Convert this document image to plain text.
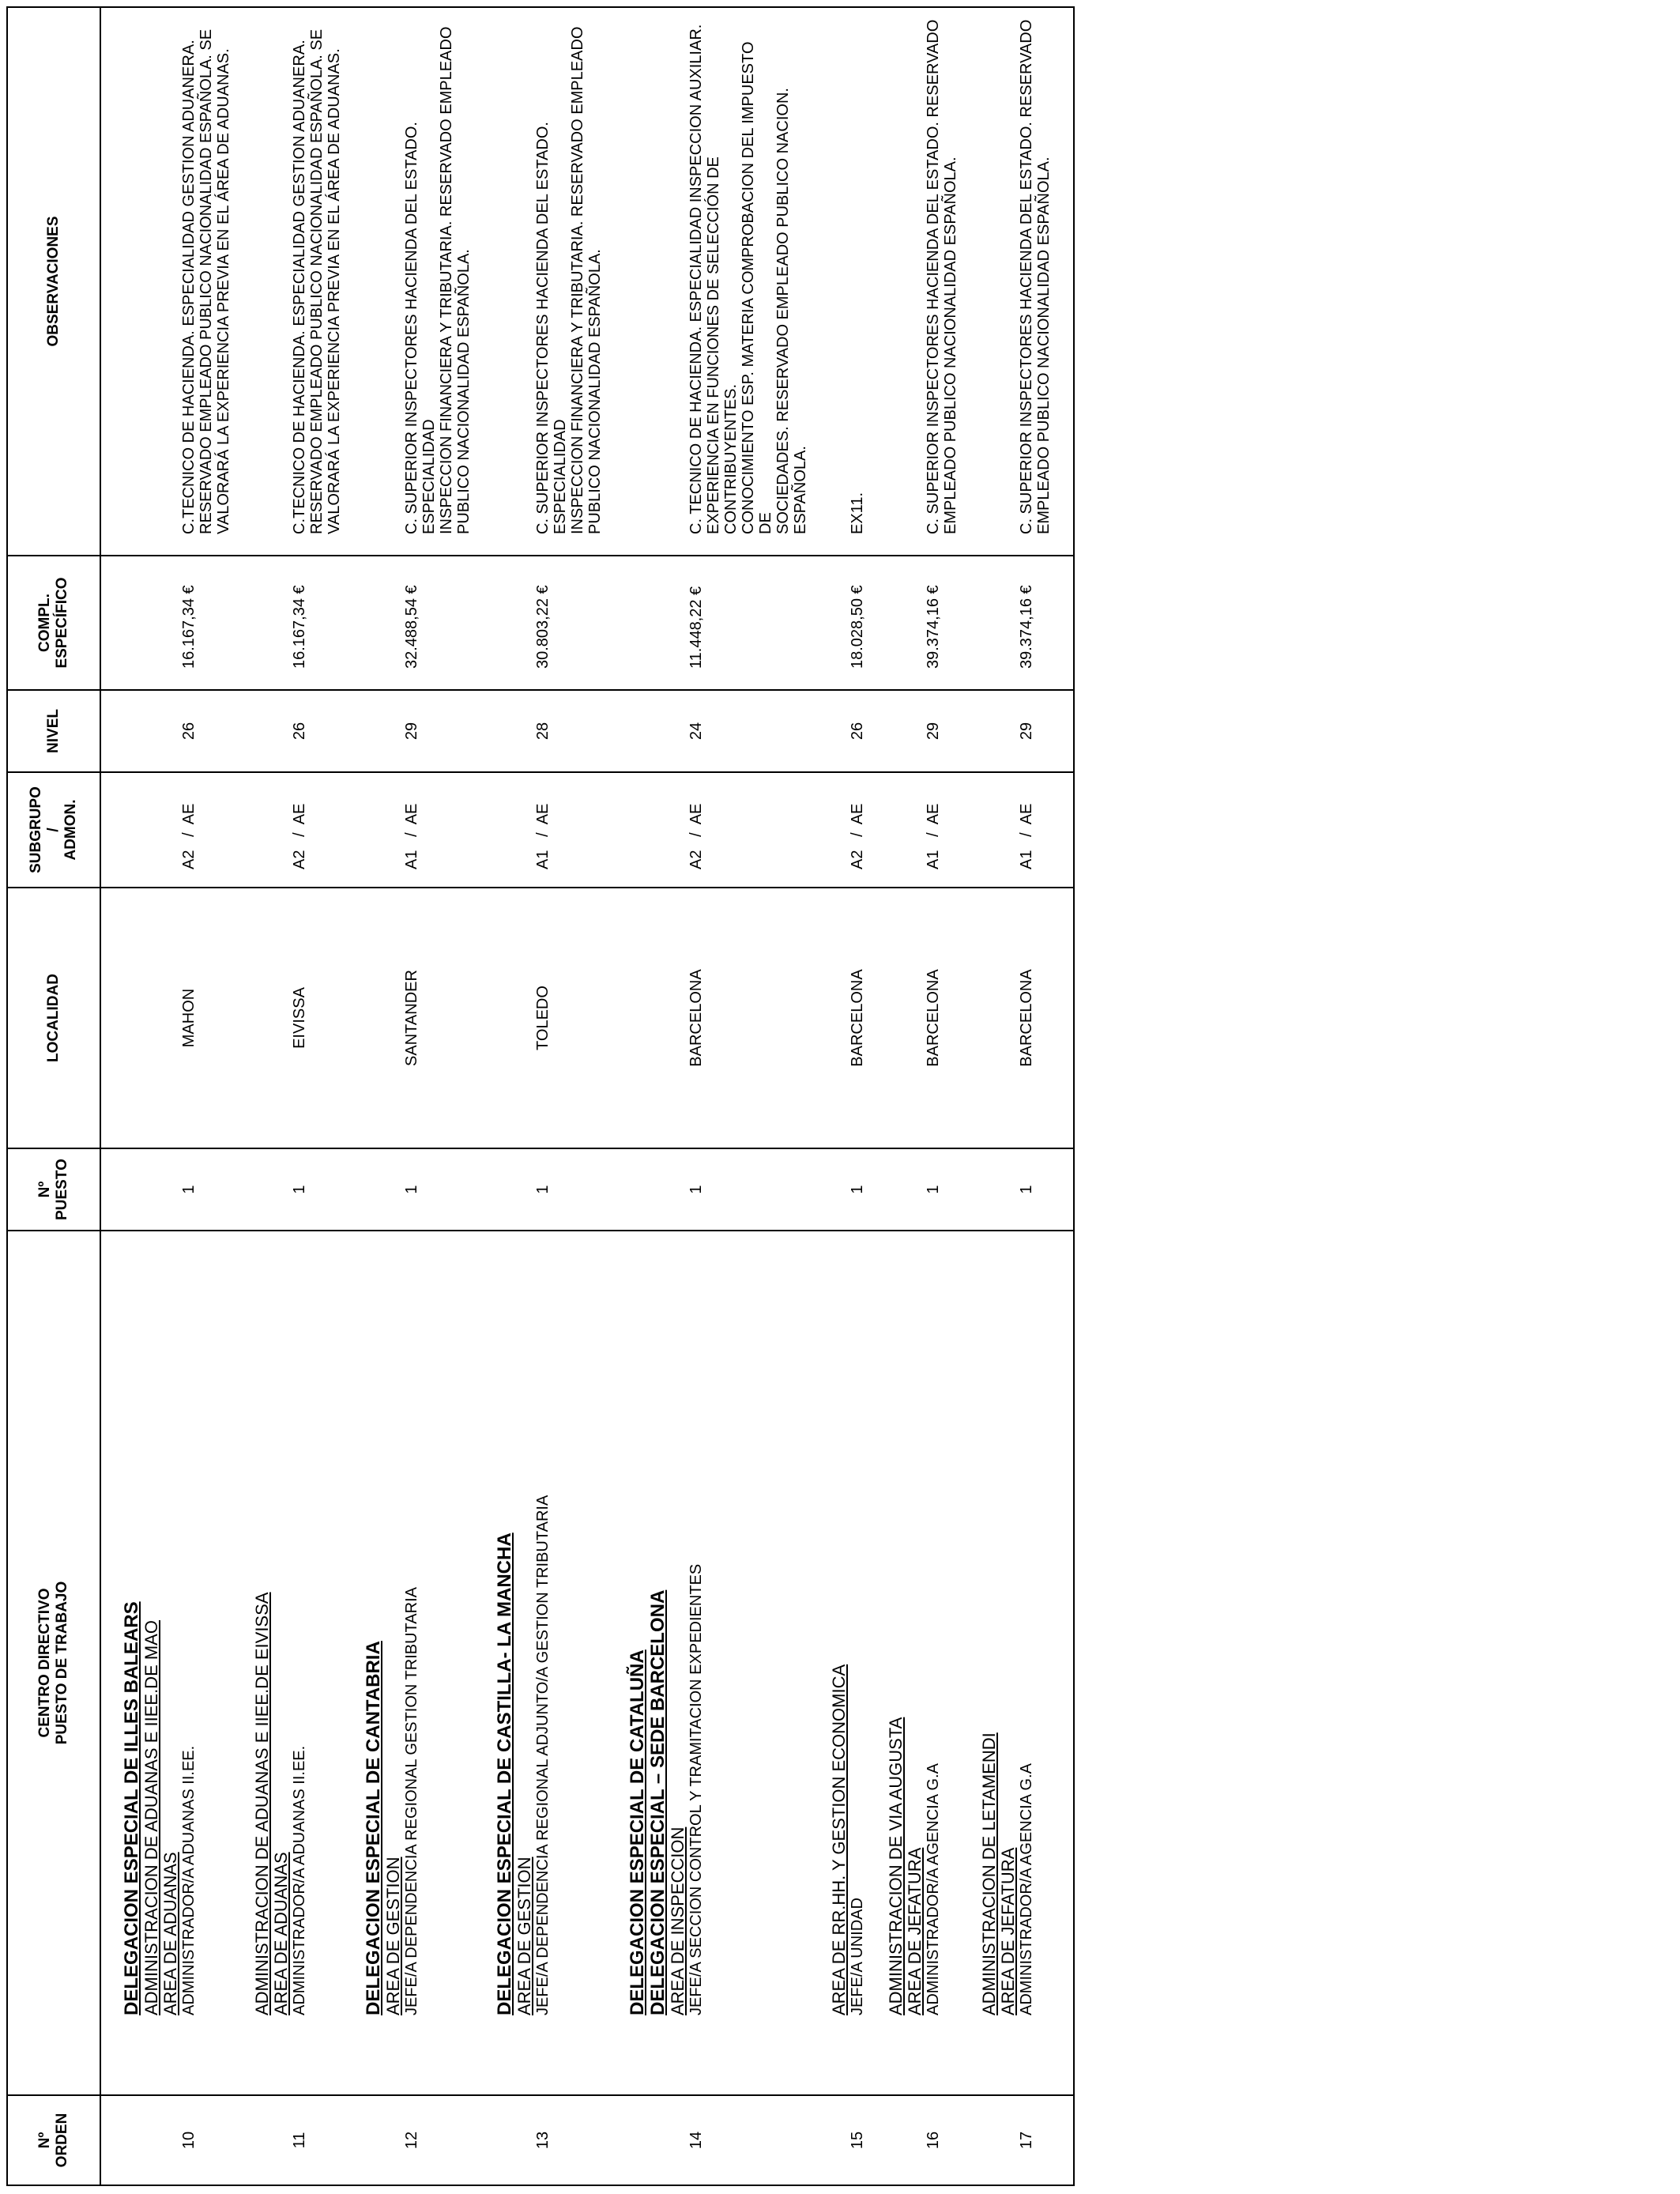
Nº ORDEN	CENTRO DIRECTIVO PUESTO DE TRABAJO	Nº PUESTO	LOCALIDAD	SUBGRUPO / ADMON.	NIVEL	COMPL. ESPECÍFICO	OBSERVACIONES

	DELEGACION ESPECIAL DE ILLES BALEARS ADMINISTRACION DE ADUANAS E IIEE.DE MAO AREA DE ADUANAS						

10	ADMINISTRADOR/A ADUANAS II.EE.	1	MAHON	A2   /  AE	26	16.167,34 €	C.TECNICO DE HACIENDA. ESPECIALIDAD GESTION ADUANERA. RESERVADO EMPLEADO PUBLICO NACIONALIDAD ESPAÑOLA. SE VALORARÁ LA EXPERIENCIA PREVIA EN EL ÁREA DE ADUANAS.

	ADMINISTRACION DE ADUANAS E IIEE.DE EIVISSA AREA DE ADUANAS						

11	ADMINISTRADOR/A ADUANAS II.EE.	1	EIVISSA	A2   /  AE	26	16.167,34 €	C.TECNICO DE HACIENDA. ESPECIALIDAD GESTION ADUANERA. RESERVADO EMPLEADO PUBLICO NACIONALIDAD ESPAÑOLA. SE VALORARÁ LA EXPERIENCIA PREVIA EN EL ÁREA DE ADUANAS.

	DELEGACION ESPECIAL DE CANTABRIA AREA DE GESTION						

12	JEFE/A DEPENDENCIA REGIONAL GESTION TRIBUTARIA	1	SANTANDER	A1   /  AE	29	32.488,54 €	C. SUPERIOR INSPECTORES HACIENDA DEL ESTADO. ESPECIALIDAD INSPECCION FINANCIERA Y TRIBUTARIA. RESERVADO EMPLEADO PUBLICO NACIONALIDAD ESPAÑOLA.

	DELEGACION ESPECIAL DE CASTILLA- LA MANCHA AREA DE GESTION						

13	JEFE/A DEPENDENCIA REGIONAL ADJUNTO/A GESTION TRIBUTARIA	1	TOLEDO	A1   /  AE	28	30.803,22 €	C. SUPERIOR INSPECTORES HACIENDA DEL ESTADO. ESPECIALIDAD INSPECCION FINANCIERA Y TRIBUTARIA. RESERVADO EMPLEADO PUBLICO NACIONALIDAD ESPAÑOLA.

	DELEGACION ESPECIAL DE CATALUÑA DELEGACION ESPECIAL – SEDE BARCELONA AREA DE INSPECCION						

14	JEFE/A SECCION CONTROL Y TRAMITACION EXPEDIENTES	1	BARCELONA	A2   /  AE	24	11.448,22 €	C. TECNICO DE HACIENDA. ESPECIALIDAD INSPECCION AUXILIAR. EXPERIENCIA EN FUNCIONES DE SELECCIÓN DE CONTRIBUYENTES. CONOCIMIENTO ESP. MATERIA COMPROBACION DEL IMPUESTO DE SOCIEDADES. RESERVADO EMPLEADO PUBLICO NACION. ESPAÑOLA.

	AREA DE RR.HH. Y GESTION ECONOMICA						

15	JEFE/A UNIDAD	1	BARCELONA	A2   /  AE	26	18.028,50 €	EX11.

	ADMINISTRACION DE VIA AUGUSTA AREA DE JEFATURA						

16	ADMINISTRADOR/A AGENCIA G.A	1	BARCELONA	A1   /  AE	29	39.374,16 €	C. SUPERIOR INSPECTORES HACIENDA DEL ESTADO. RESERVADO EMPLEADO PUBLICO NACIONALIDAD ESPAÑOLA.

	ADMINISTRACION DE LETAMENDI AREA DE JEFATURA						

17	ADMINISTRADOR/A AGENCIA G.A	1	BARCELONA	A1   /  AE	29	39.374,16 €	C. SUPERIOR INSPECTORES HACIENDA DEL ESTADO. RESERVADO EMPLEADO PUBLICO NACIONALIDAD ESPAÑOLA.
